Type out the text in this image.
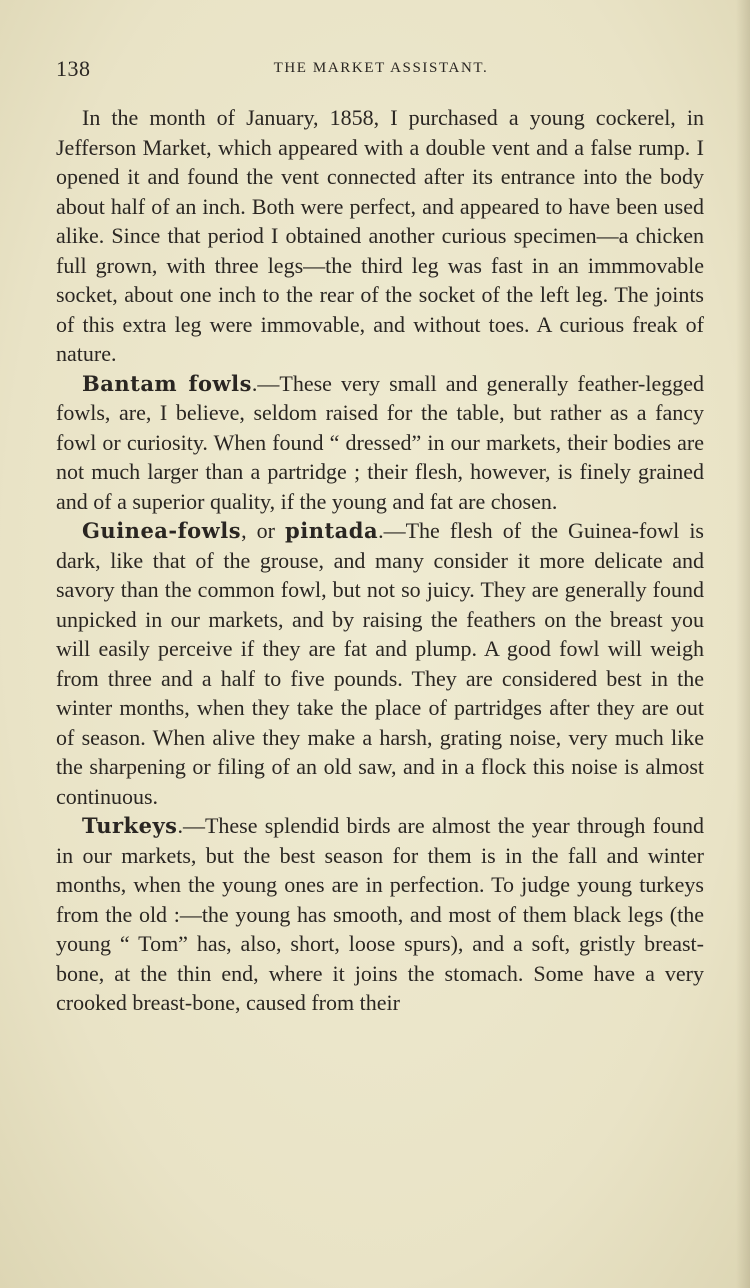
138	THE MARKET ASSISTANT.

In the month of January, 1858, I purchased a young cockerel, in Jefferson Market, which appeared with a double vent and a false rump. I opened it and found the vent connected after its entrance into the body about half of an inch. Both were perfect, and appeared to have been used alike. Since that period I obtained another curious specimen—a chicken full grown, with three legs—the third leg was fast in an immmovable socket, about one inch to the rear of the socket of the left leg. The joints of this extra leg were immovable, and without toes. A curious freak of nature.

Bantam fowls.—These very small and generally feather-legged fowls, are, I believe, seldom raised for the table, but rather as a fancy fowl or curiosity. When found “ dressed” in our markets, their bodies are not much larger than a partridge ; their flesh, however, is finely grained and of a superior quality, if the young and fat are chosen.

Guinea-fowls, or pintada.—The flesh of the Guinea-fowl is dark, like that of the grouse, and many consider it more delicate and savory than the common fowl, but not so juicy. They are generally found unpicked in our markets, and by raising the feathers on the breast you will easily perceive if they are fat and plump. A good fowl will weigh from three and a half to five pounds. They are considered best in the winter months, when they take the place of partridges after they are out of season. When alive they make a harsh, grating noise, very much like the sharpening or filing of an old saw, and in a flock this noise is almost continuous.

Turkeys.—These splendid birds are almost the year through found in our markets, but the best season for them is in the fall and winter months, when the young ones are in perfection. To judge young turkeys from the old :—the young has smooth, and most of them black legs (the young “ Tom” has, also, short, loose spurs), and a soft, gristly breast-bone, at the thin end, where it joins the stomach. Some have a very crooked breast-bone, caused from their
